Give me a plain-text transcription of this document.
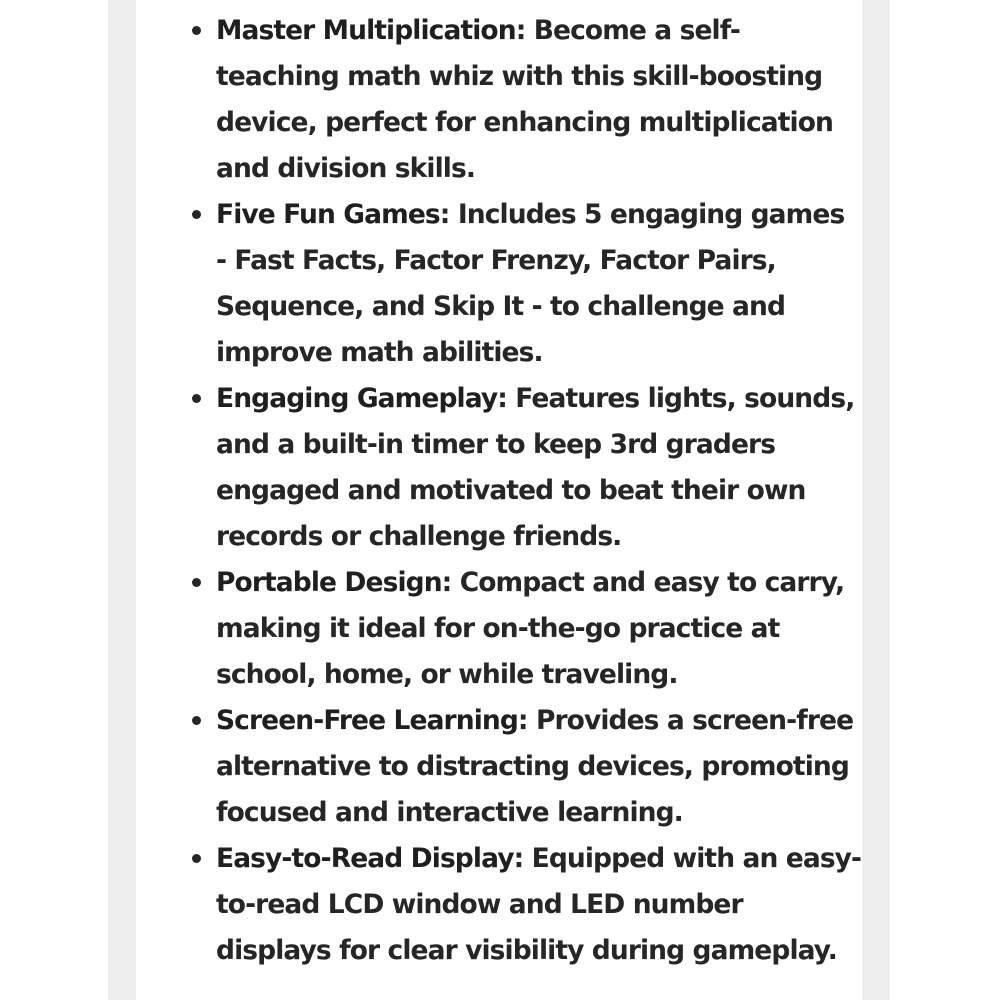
Master Multiplication: Become a self-teaching math whiz with this skill-boosting device, perfect for enhancing multiplication and division skills.
Five Fun Games: Includes 5 engaging games - Fast Facts, Factor Frenzy, Factor Pairs, Sequence, and Skip It - to challenge and improve math abilities.
Engaging Gameplay: Features lights, sounds, and a built-in timer to keep 3rd graders engaged and motivated to beat their own records or challenge friends.
Portable Design: Compact and easy to carry, making it ideal for on-the-go practice at school, home, or while traveling.
Screen-Free Learning: Provides a screen-free alternative to distracting devices, promoting focused and interactive learning.
Easy-to-Read Display: Equipped with an easy-to-read LCD window and LED number displays for clear visibility during gameplay.
